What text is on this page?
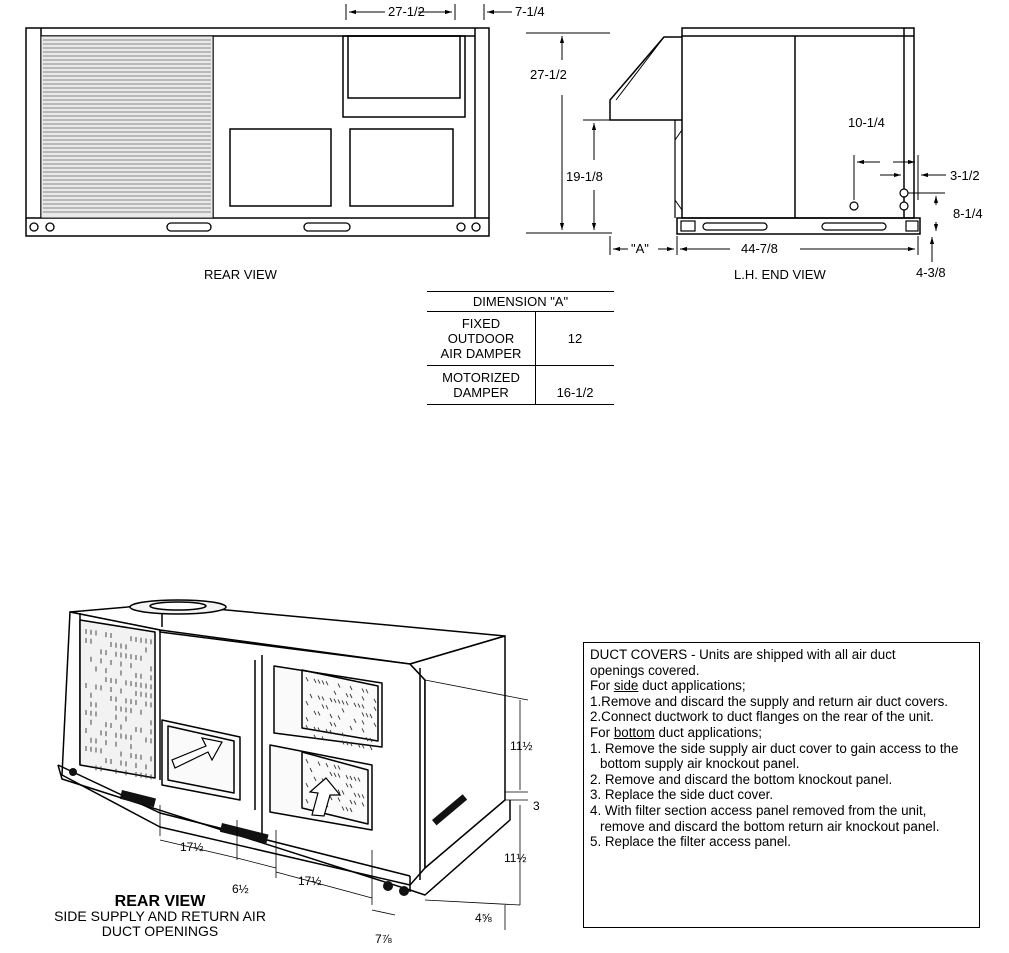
27-1/2	7-1/4
27-1/2
19-1/8
10-1/4
3-1/2
8-1/4
"A"	44-7/8
4-3/8
11½
3
11½
17½
6½
17½
4⅝
7⅞
REAR VIEW	L.H. END VIEW
DIMENSION "A"	

FIXED
OUTDOOR
AIR DAMPER	12

MOTORIZED
DAMPER	16-1/2
REAR VIEW
SIDE SUPPLY AND RETURN AIR
DUCT OPENINGS

DUCT COVERS - Units are shipped with all air duct

openings covered.

For side duct applications;

1.Remove and discard the supply and return air duct covers.

2.Connect ductwork to duct flanges on the rear of the unit.

For bottom duct applications;

1. Remove the side supply air duct cover to gain access to the bottom supply air knockout panel.

2. Remove and discard the bottom knockout panel.

3. Replace the side duct cover.

4. With filter section access panel removed from the unit, remove and discard the bottom return air knockout panel.

5. Replace the filter access panel.
